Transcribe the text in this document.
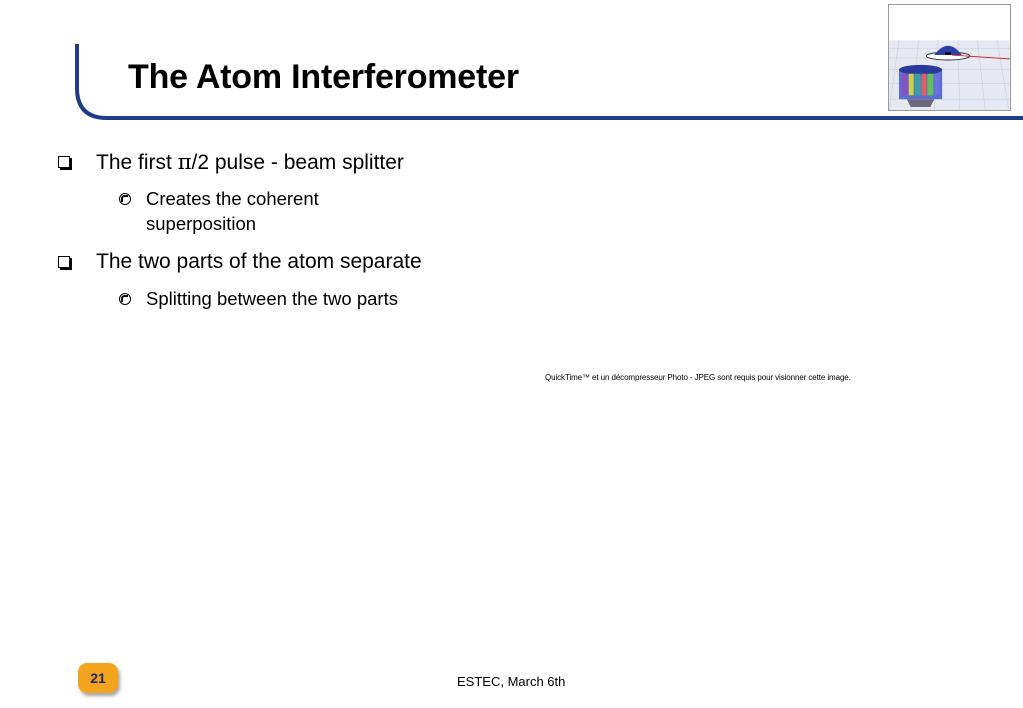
The Atom Interferometer
The first π/2 pulse - beam splitter
Creates the coherent
superposition
The two parts of the atom separate
Splitting between the two parts
QuickTime™ et un décompresseur Photo - JPEG sont requis pour visionner cette image.
21	ESTEC, March 6th
